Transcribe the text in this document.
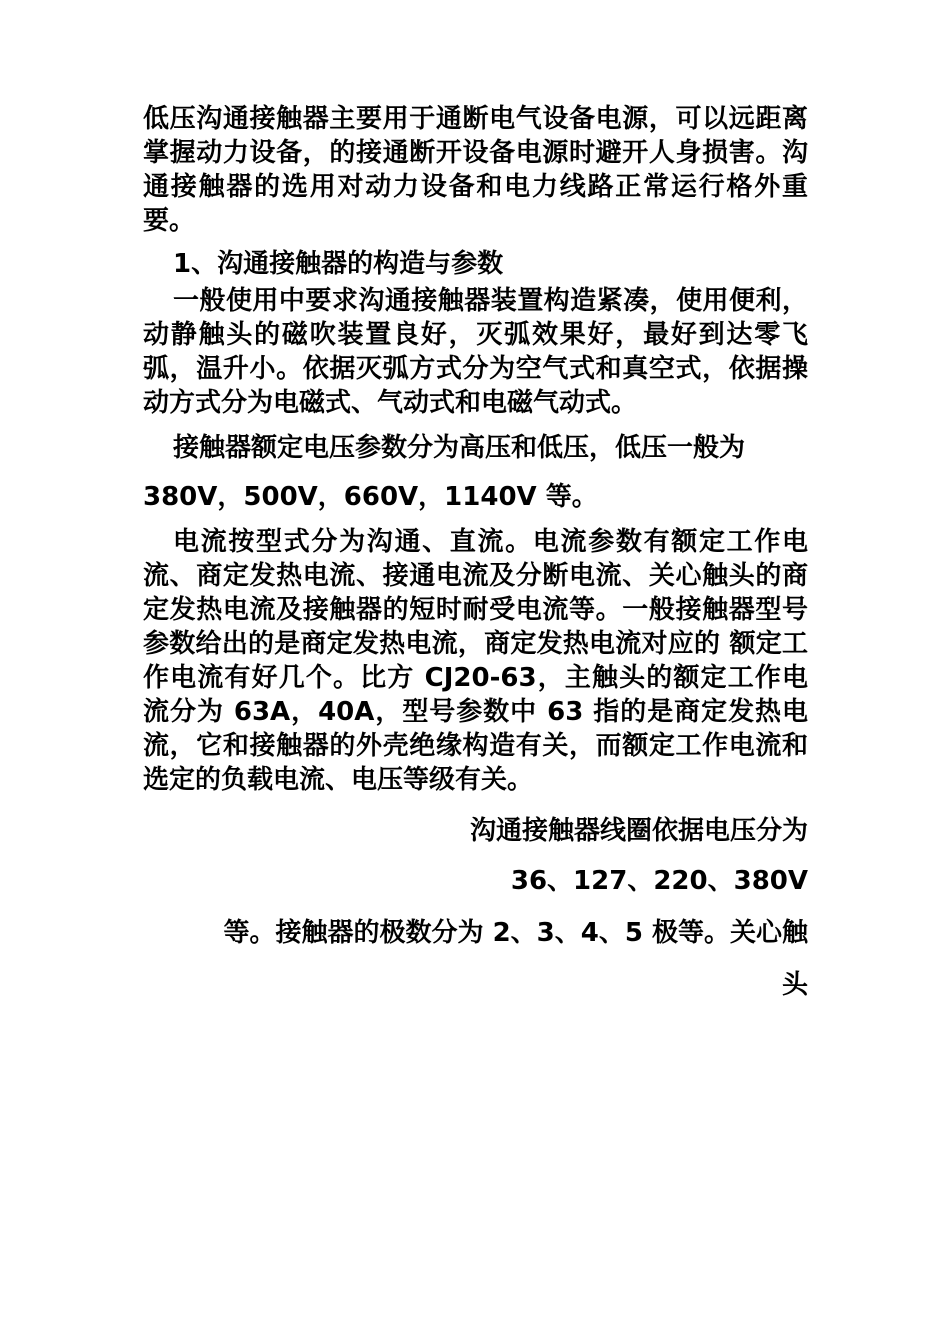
低压沟通接触器主要用于通断电气设备电源，可以远距离掌握动力设备，的接通断开设备电源时避开人身损害。沟通接触器的选用对动力设备和电力线路正常运行格外重要。

1、沟通接触器的构造与参数

一般使用中要求沟通接触器装置构造紧凑，使用便利，动静触头的磁吹装置良好，灭弧效果好，最好到达零飞弧，温升小。依据灭弧方式分为空气式和真空式，依据操动方式分为电磁式、气动式和电磁气动式。

接触器额定电压参数分为高压和低压，低压一般为

380V，500V，660V，1140V 等。

电流按型式分为沟通、直流。电流参数有额定工作电流、商定发热电流、接通电流及分断电流、关心触头的商定发热电流及接触器的短时耐受电流等。一般接触器型号参数给出的是商定发热电流，商定发热电流对应的 额定工作电流有好几个。比方 CJ20-63，主触头的额定工作电流分为 63A，40A，型号参数中 63 指的是商定发热电流，它和接触器的外壳绝缘构造有关，而额定工作电流和选定的负载电流、电压等级有关。

沟通接触器线圈依据电压分为

36、127、220、380V

等。接触器的极数分为 2、3、4、5 极等。关心触

头
